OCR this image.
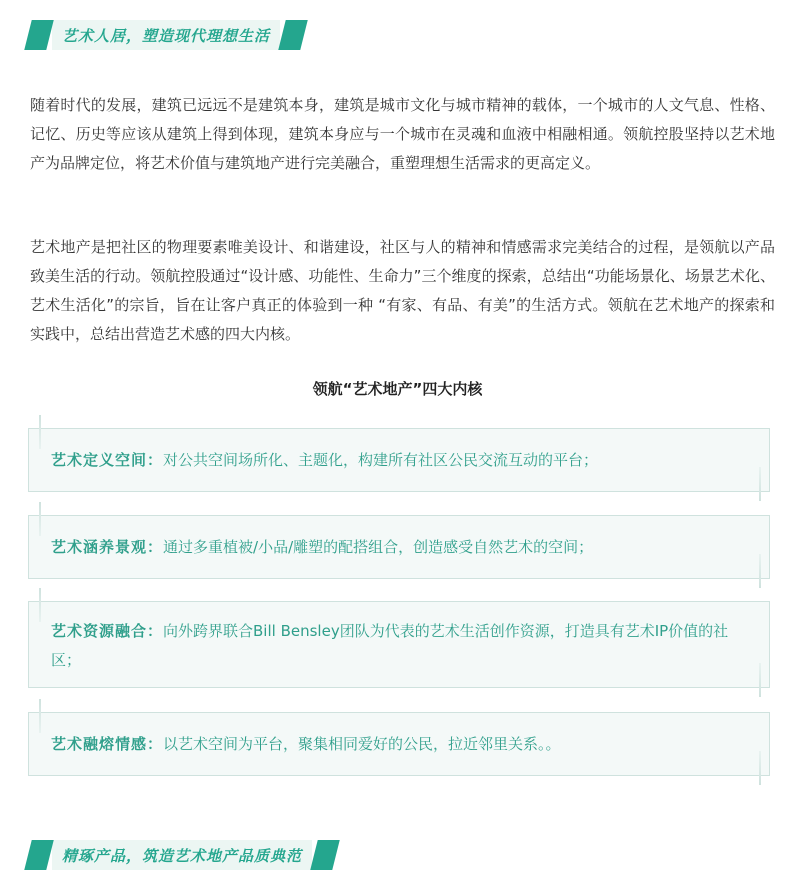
艺术人居，塑造现代理想生活

随着时代的发展，建筑已远远不是建筑本身，建筑是城市文化与城市精神的载体，一个城市的人文气息、性格、记忆、历史等应该从建筑上得到体现，建筑本身应与一个城市在灵魂和血液中相融相通。领航控股坚持以艺术地产为品牌定位，将艺术价值与建筑地产进行完美融合，重塑理想生活需求的更高定义。

艺术地产是把社区的物理要素唯美设计、和谐建设，社区与人的精神和情感需求完美结合的过程，是领航以产品致美生活的行动。领航控股通过“设计感、功能性、生命力”三个维度的探索，总结出“功能场景化、场景艺术化、艺术生活化”的宗旨，旨在让客户真正的体验到一种 “有家、有品、有美”的生活方式。领航在艺术地产的探索和实践中，总结出营造艺术感的四大内核。

领航“艺术地产”四大内核

艺术定义空间：对公共空间场所化、主题化，构建所有社区公民交流互动的平台；

艺术涵养景观：通过多重植被/小品/雕塑的配搭组合，创造感受自然艺术的空间；

艺术资源融合：向外跨界联合Bill Bensley团队为代表的艺术生活创作资源，打造具有艺术IP价值的社区；

艺术融熔情感：以艺术空间为平台，聚集相同爱好的公民，拉近邻里关系。。

精琢产品，筑造艺术地产品质典范
